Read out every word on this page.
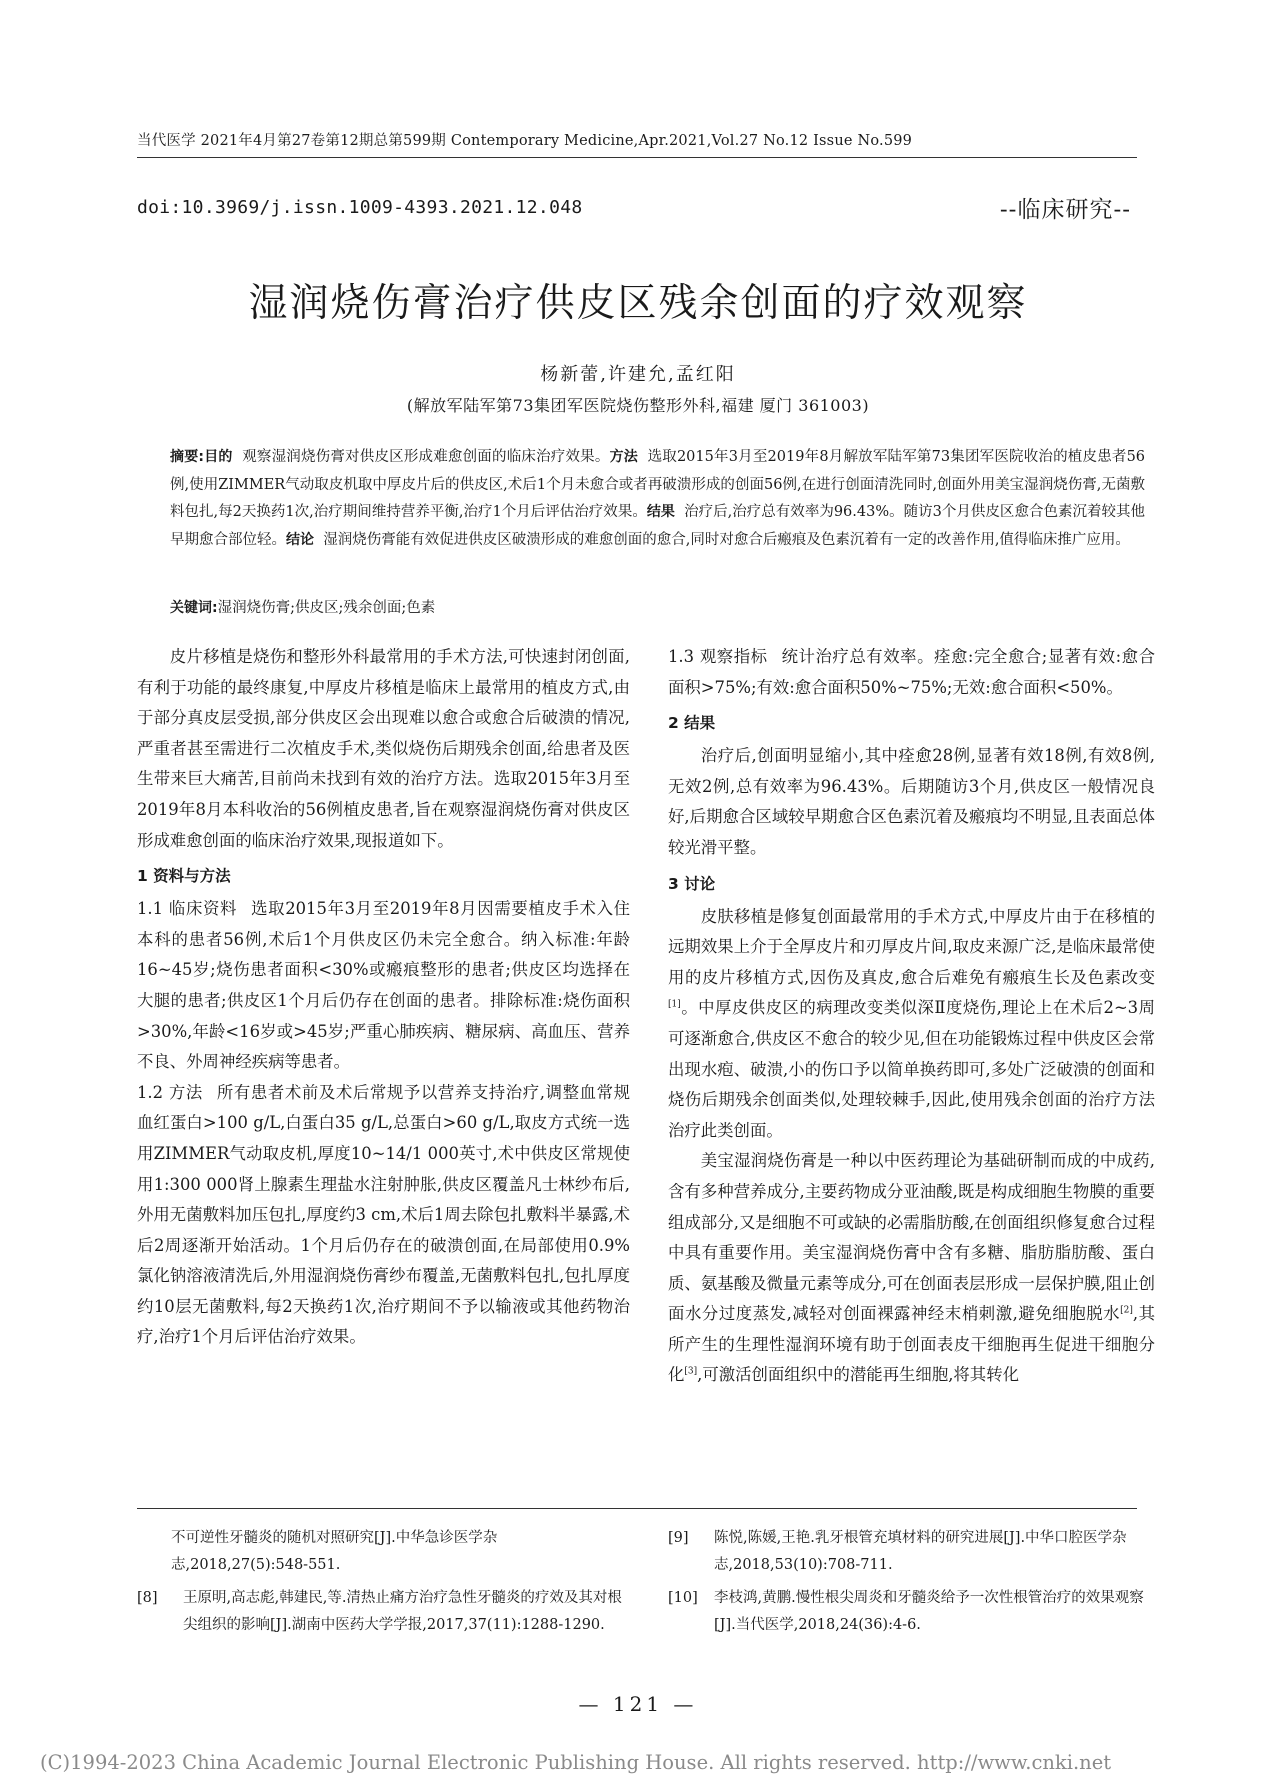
当代医学 2021年4月第27卷第12期总第599期 Contemporary Medicine,Apr.2021,Vol.27 No.12 Issue No.599
doi:10.3969/j.issn.1009-4393.2021.12.048	--临床研究--
湿润烧伤膏治疗供皮区残余创面的疗效观察
杨新蕾,许建允,孟红阳
(解放军陆军第73集团军医院烧伤整形外科,福建 厦门 361003)
摘要:目的 观察湿润烧伤膏对供皮区形成难愈创面的临床治疗效果。方法 选取2015年3月至2019年8月解放军陆军第73集团军医院收治的植皮患者56例,使用ZIMMER气动取皮机取中厚皮片后的供皮区,术后1个月未愈合或者再破溃形成的创面56例,在进行创面清洗同时,创面外用美宝湿润烧伤膏,无菌敷料包扎,每2天换药1次,治疗期间维持营养平衡,治疗1个月后评估治疗效果。结果 治疗后,治疗总有效率为96.43%。随访3个月供皮区愈合色素沉着较其他早期愈合部位轻。结论 湿润烧伤膏能有效促进供皮区破溃形成的难愈创面的愈合,同时对愈合后瘢痕及色素沉着有一定的改善作用,值得临床推广应用。
关键词:湿润烧伤膏;供皮区;残余创面;色素

皮片移植是烧伤和整形外科最常用的手术方法,可快速封闭创面,有利于功能的最终康复,中厚皮片移植是临床上最常用的植皮方式,由于部分真皮层受损,部分供皮区会出现难以愈合或愈合后破溃的情况,严重者甚至需进行二次植皮手术,类似烧伤后期残余创面,给患者及医生带来巨大痛苦,目前尚未找到有效的治疗方法。选取2015年3月至2019年8月本科收治的56例植皮患者,旨在观察湿润烧伤膏对供皮区形成难愈创面的临床治疗效果,现报道如下。

1 资料与方法

1.1 临床资料 选取2015年3月至2019年8月因需要植皮手术入住本科的患者56例,术后1个月供皮区仍未完全愈合。纳入标准:年龄16~45岁;烧伤患者面积<30%或瘢痕整形的患者;供皮区均选择在大腿的患者;供皮区1个月后仍存在创面的患者。排除标准:烧伤面积>30%,年龄<16岁或>45岁;严重心肺疾病、糖尿病、高血压、营养不良、外周神经疾病等患者。

1.2 方法 所有患者术前及术后常规予以营养支持治疗,调整血常规血红蛋白>100 g/L,白蛋白35 g/L,总蛋白>60 g/L,取皮方式统一选用ZIMMER气动取皮机,厚度10~14/1 000英寸,术中供皮区常规使用1:300 000肾上腺素生理盐水注射肿胀,供皮区覆盖凡士林纱布后,外用无菌敷料加压包扎,厚度约3 cm,术后1周去除包扎敷料半暴露,术后2周逐渐开始活动。1个月后仍存在的破溃创面,在局部使用0.9%氯化钠溶液清洗后,外用湿润烧伤膏纱布覆盖,无菌敷料包扎,包扎厚度约10层无菌敷料,每2天换药1次,治疗期间不予以输液或其他药物治疗,治疗1个月后评估治疗效果。

1.3 观察指标 统计治疗总有效率。痊愈:完全愈合;显著有效:愈合面积>75%;有效:愈合面积50%~75%;无效:愈合面积<50%。

2 结果

治疗后,创面明显缩小,其中痊愈28例,显著有效18例,有效8例,无效2例,总有效率为96.43%。后期随访3个月,供皮区一般情况良好,后期愈合区域较早期愈合区色素沉着及瘢痕均不明显,且表面总体较光滑平整。

3 讨论

皮肤移植是修复创面最常用的手术方式,中厚皮片由于在移植的远期效果上介于全厚皮片和刃厚皮片间,取皮来源广泛,是临床最常使用的皮片移植方式,因伤及真皮,愈合后难免有瘢痕生长及色素改变[1]。中厚皮供皮区的病理改变类似深Ⅱ度烧伤,理论上在术后2~3周可逐渐愈合,供皮区不愈合的较少见,但在功能锻炼过程中供皮区会常出现水疱、破溃,小的伤口予以简单换药即可,多处广泛破溃的创面和烧伤后期残余创面类似,处理较棘手,因此,使用残余创面的治疗方法治疗此类创面。

美宝湿润烧伤膏是一种以中医药理论为基础研制而成的中成药,含有多种营养成分,主要药物成分亚油酸,既是构成细胞生物膜的重要组成部分,又是细胞不可或缺的必需脂肪酸,在创面组织修复愈合过程中具有重要作用。美宝湿润烧伤膏中含有多糖、脂肪脂肪酸、蛋白质、氨基酸及微量元素等成分,可在创面表层形成一层保护膜,阻止创面水分过度蒸发,减轻对创面裸露神经末梢刺激,避免细胞脱水[2],其所产生的生理性湿润环境有助于创面表皮干细胞再生促进干细胞分化[3],可激活创面组织中的潜能再生细胞,将其转化

不可逆性牙髓炎的随机对照研究[J].中华急诊医学杂志,2018,27(5):548-551.
[8]	王原明,高志彪,韩建民,等.清热止痛方治疗急性牙髓炎的疗效及其对根尖组织的影响[J].湖南中医药大学学报,2017,37(11):1288-1290.
[9]	陈悦,陈媛,王艳.乳牙根管充填材料的研究进展[J].中华口腔医学杂志,2018,53(10):708-711.
[10]	李枝鸿,黄鹏.慢性根尖周炎和牙髓炎给予一次性根管治疗的效果观察[J].当代医学,2018,24(36):4-6.
— 121 —
(C)1994-2023 China Academic Journal Electronic Publishing House. All rights reserved. http://www.cnki.net
